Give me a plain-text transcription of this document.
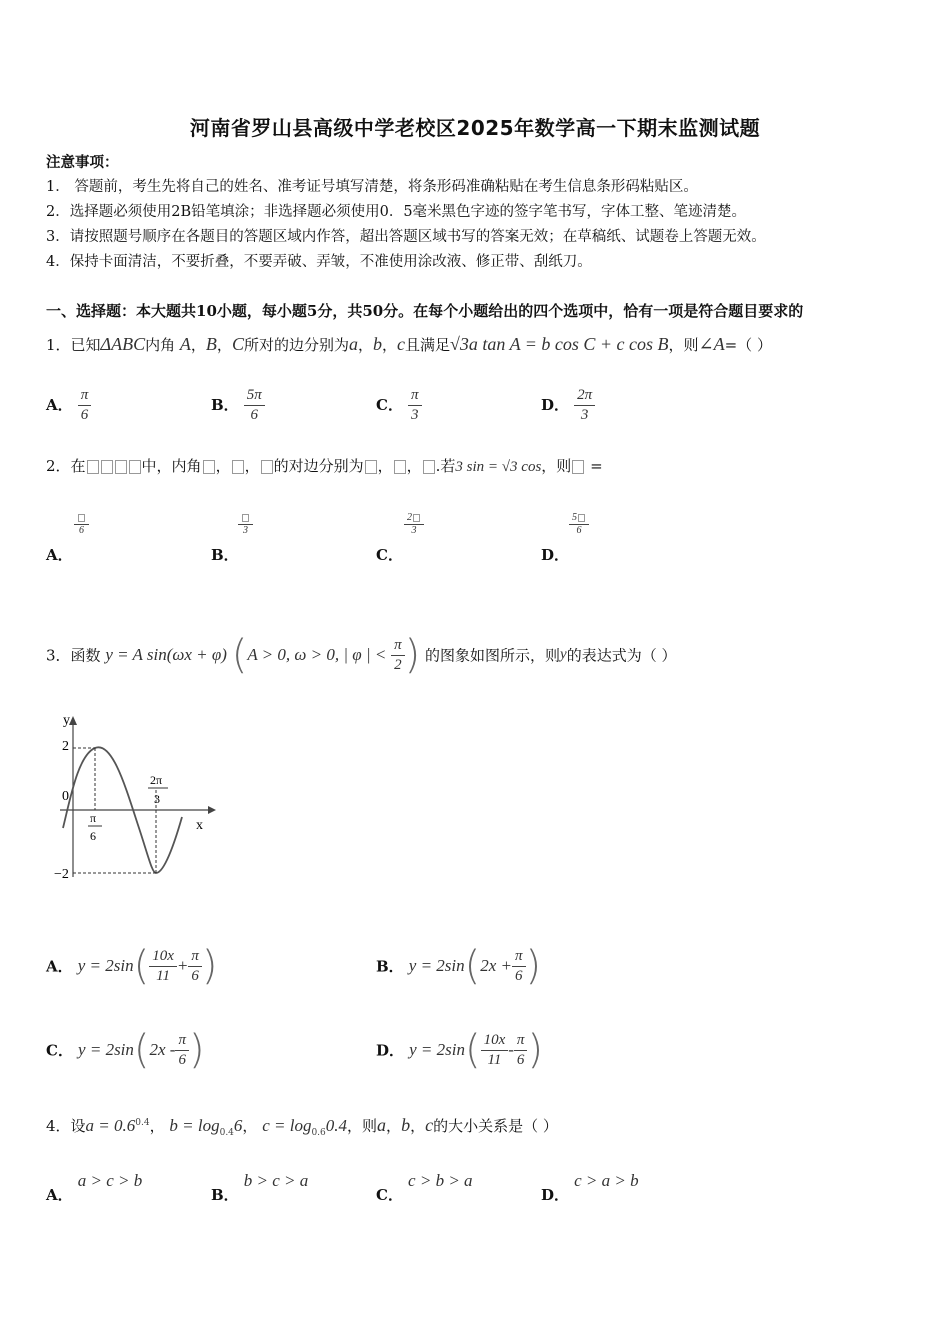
河南省罗山县高级中学老校区2025年数学高一下期末监测试题
注意事项：
1． 答题前，考生先将自己的姓名、准考证号填写清楚，将条形码准确粘贴在考生信息条形码粘贴区。
2．选择题必须使用2B铅笔填涂；非选择题必须使用0．5毫米黑色字迹的签字笔书写，字体工整、笔迹清楚。
3．请按照题号顺序在各题目的答题区域内作答，超出答题区域书写的答案无效；在草稿纸、试题卷上答题无效。
4．保持卡面清洁，不要折叠，不要弄破、弄皱，不准使用涂改液、修正带、刮纸刀。
一、选择题：本大题共10小题，每小题5分，共50分。在每个小题给出的四个选项中，恰有一项是符合题目要求的
1．已知ΔABC内角 A，B，C所对的边分别为a，b，c且满足√3a tan A = b cos C + c cos B，则∠A=（ ）
A． $\frac{\pi}{6}$	B． $\frac{5\pi}{6}$	C． $\frac{\pi}{3}$	D． $\frac{2\pi}{3}$
2．在	中，内角 ， ， 的对边分别为 ， ， .若3 sin = √3 cos，则 =
6
A．
3
B．
$\frac{2}{3}$
C．
$\frac{5}{6}$
D．
3．函数 y = A sin(ωx + φ) (A > 0, ω > 0, | φ | < $\frac{\pi}{2}$ ) 的图象如图所示，则y的表达式为（ ）
y
x
2
0
−2
π
6
2π
3
A． $y = 2\sin( \frac{10x}{11} + \frac{\pi}{6}$ )	B． $y = 2\sin(2x + \frac{\pi}{6}$ )
C． $y = 2\sin(2x - \frac{\pi}{6}$ )	D． $y = 2\sin( \frac{10x}{11} - \frac{\pi}{6}$ )
4．设$a = 0.6^{0.4}$， $b = \log_{0.4}6$， $c = \log_{0.6}0.4$，则a，b，c的大小关系是（ ）
A． a > c > b
B． b > c > a
C． c > b > a
D． c > a > b
